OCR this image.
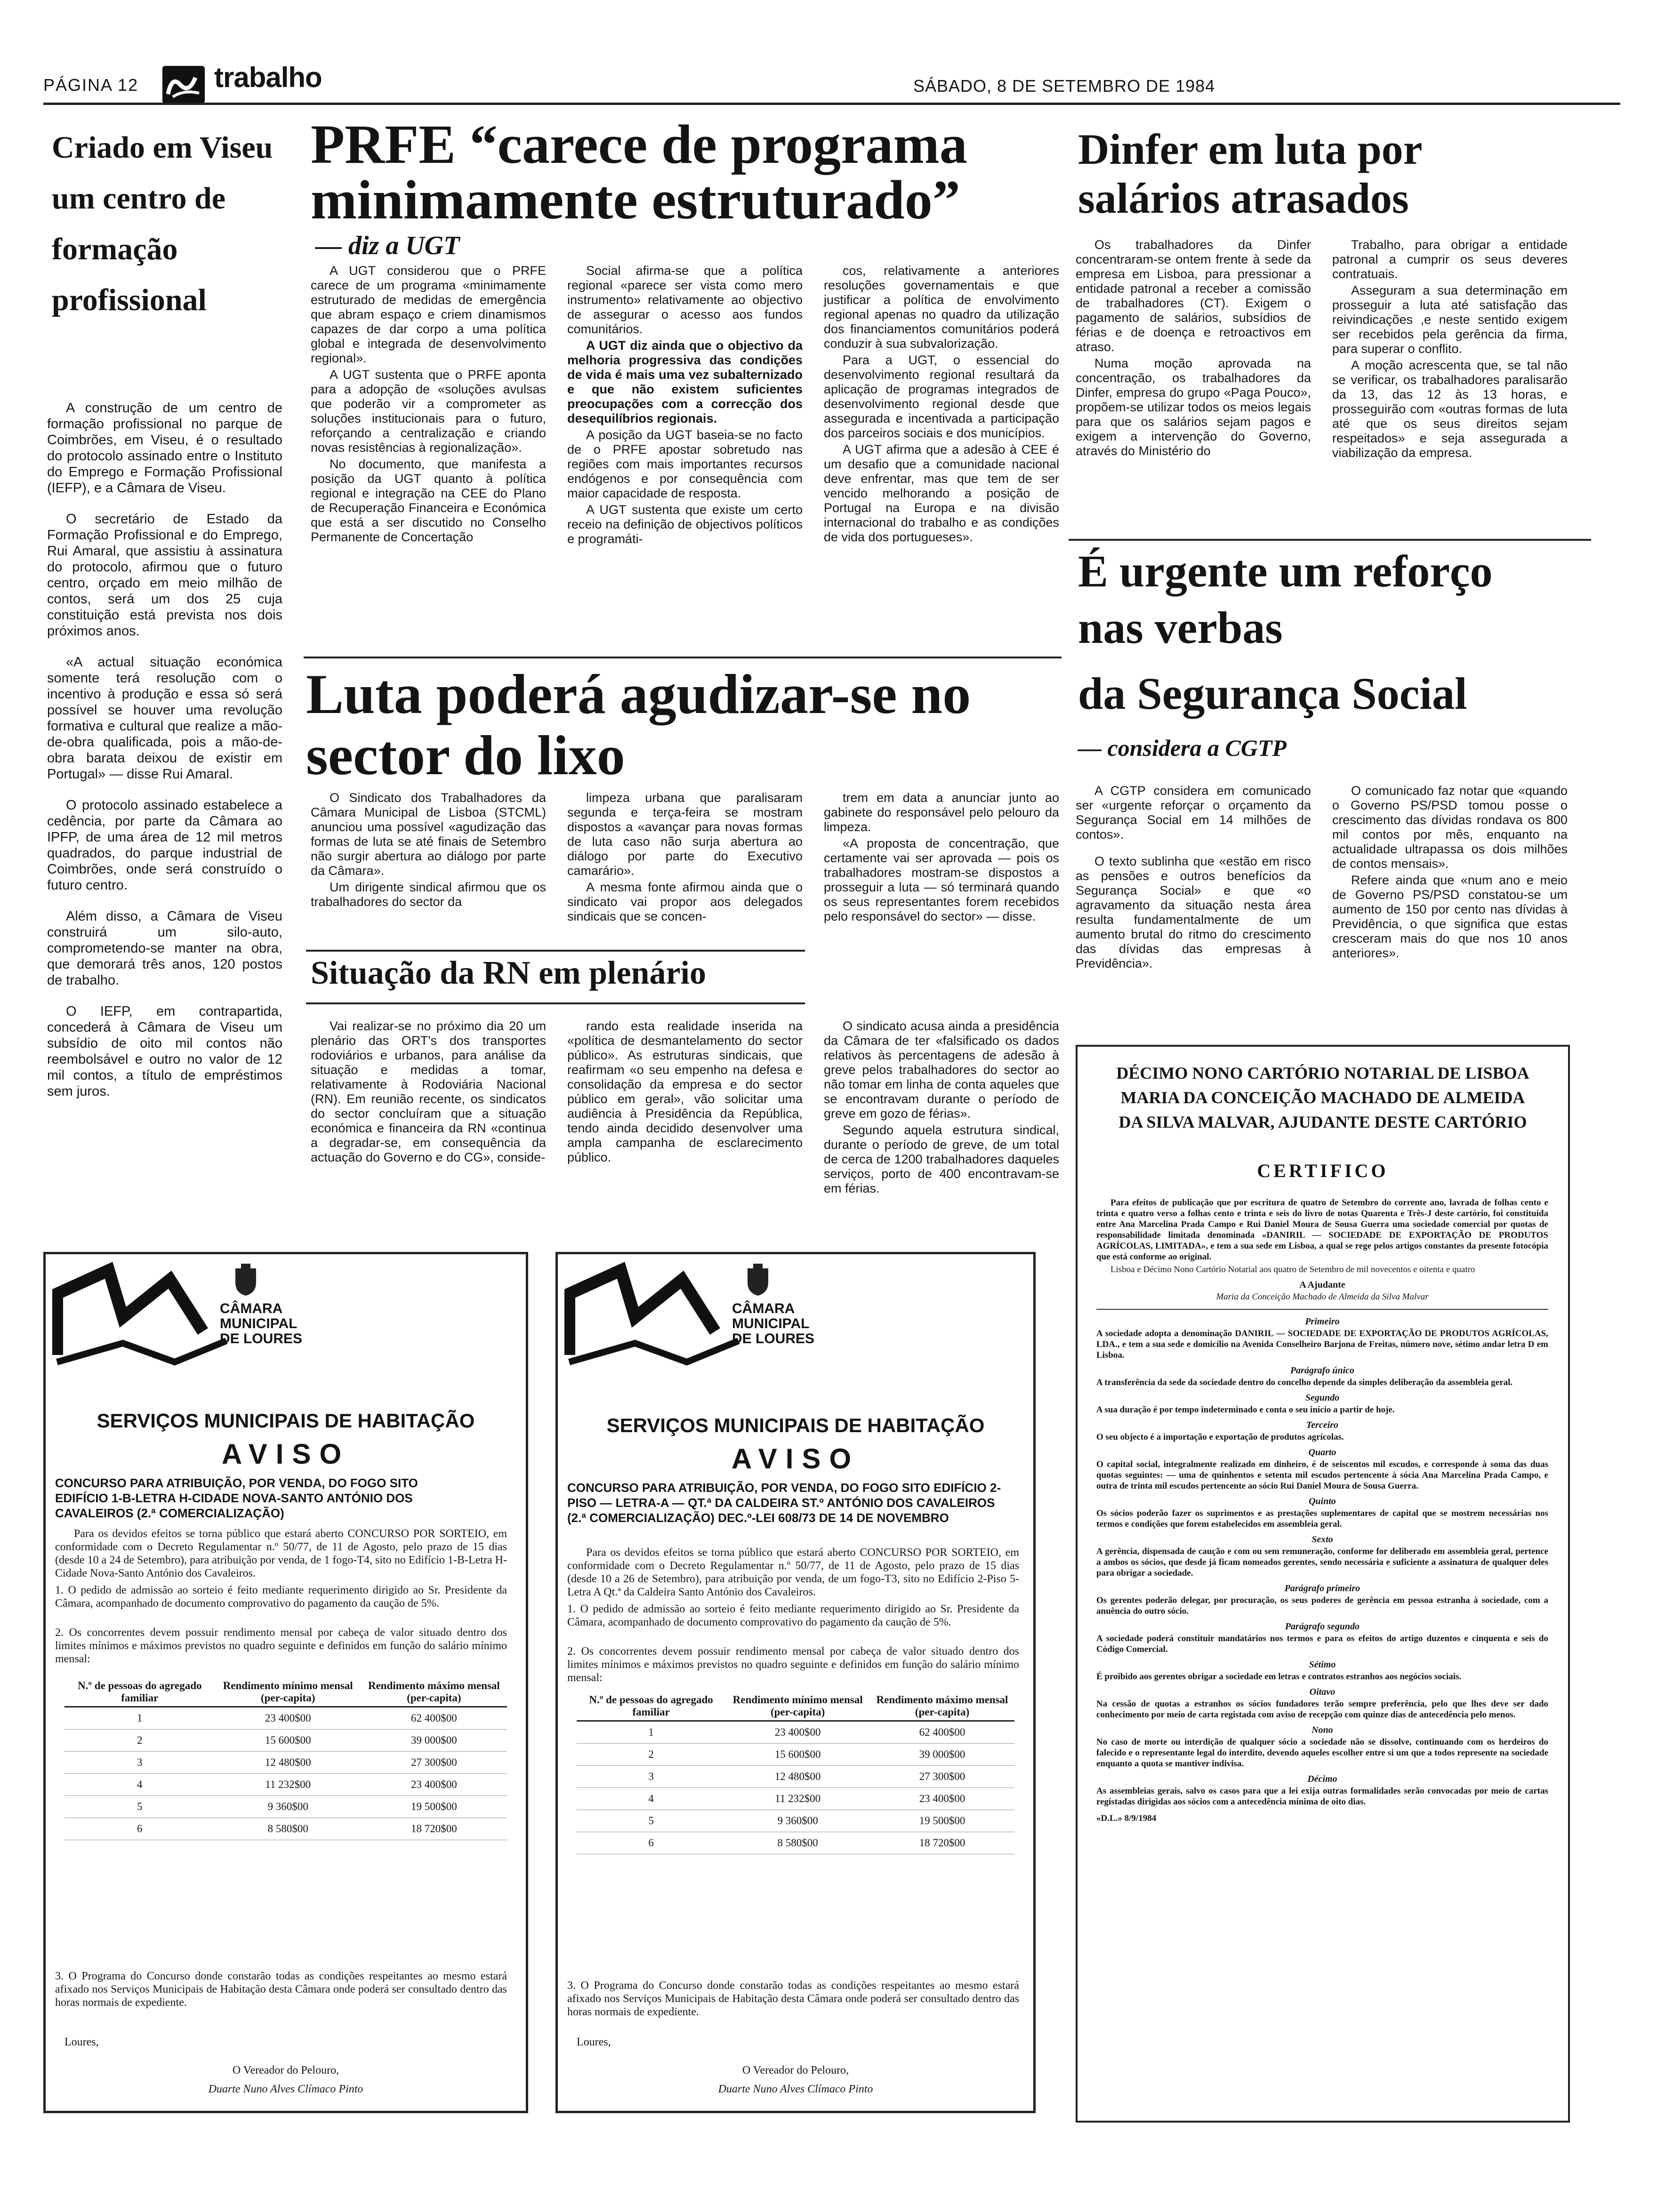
PÁGINA 12	trabalho	SÁBADO, 8 DE SETEMBRO DE 1984
Criado em Viseu um centro de formação profissional

A construção de um centro de formação profissional no parque de Coimbrões, em Viseu, é o resultado do protocolo assinado entre o Instituto do Emprego e Formação Profissional (IEFP), e a Câmara de Viseu.

O secretário de Estado da Formação Profissional e do Emprego, Rui Amaral, que assistiu à assinatura do protocolo, afirmou que o futuro centro, orçado em meio milhão de contos, será um dos 25 cuja constituição está prevista nos dois próximos anos.

«A actual situação económica somente terá resolução com o incentivo à produção e essa só será possível se houver uma revolução formativa e cultural que realize a mão-de-obra qualificada, pois a mão-de-obra barata deixou de existir em Portugal» — disse Rui Amaral.

O protocolo assinado estabelece a cedência, por parte da Câmara ao IPFP, de uma área de 12 mil metros quadrados, do parque industrial de Coimbrões, onde será construído o futuro centro.

Além disso, a Câmara de Viseu construirá um silo-auto, comprometendo-se manter na obra, que demorará três anos, 120 postos de trabalho.

O IEFP, em contrapartida, concederá à Câmara de Viseu um subsídio de oito mil contos não reembolsável e outro no valor de 12 mil contos, a título de empréstimos sem juros.

PRFE “carece de programa minimamente estruturado”
— diz a UGT

A UGT considerou que o PRFE carece de um programa «minimamente estruturado de medidas de emergência que abram espaço e criem dinamismos capazes de dar corpo a uma política global e integrada de desenvolvimento regional».

A UGT sustenta que o PRFE aponta para a adopção de «soluções avulsas que poderão vir a comprometer as soluções institucionais para o futuro, reforçando a centralização e criando novas resistências à regionalização».

No documento, que manifesta a posição da UGT quanto à política regional e integração na CEE do Plano de Recuperação Financeira e Económica que está a ser discutido no Conselho Permanente de Concertação

Social afirma-se que a política regional «parece ser vista como mero instrumento» relativamente ao objectivo de assegurar o acesso aos fundos comunitários.

A UGT diz ainda que o objectivo da melhoria progressiva das condições de vida é mais uma vez subalternizado e que não existem suficientes preocupações com a correcção dos desequilíbrios regionais.

A posição da UGT baseia-se no facto de o PRFE apostar sobretudo nas regiões com mais importantes recursos endógenos e por consequência com maior capacidade de resposta.

A UGT sustenta que existe um certo receio na definição de objectivos políticos e programáti-

cos, relativamente a anteriores resoluções governamentais e que justificar a política de envolvimento regional apenas no quadro da utilização dos financiamentos comunitários poderá conduzir à sua subvalorização.

Para a UGT, o essencial do desenvolvimento regional resultará da aplicação de programas integrados de desenvolvimento regional desde que assegurada e incentivada a participação dos parceiros sociais e dos municípios.

A UGT afirma que a adesão à CEE é um desafio que a comunidade nacional deve enfrentar, mas que tem de ser vencido melhorando a posição de Portugal na Europa e na divisão internacional do trabalho e as condições de vida dos portugueses».

Dinfer em luta por salários atrasados

Os trabalhadores da Dinfer concentraram-se ontem frente à sede da empresa em Lisboa, para pressionar a entidade patronal a receber a comissão de trabalhadores (CT). Exigem o pagamento de salários, subsídios de férias e de doença e retroactivos em atraso.

Numa moção aprovada na concentração, os trabalhadores da Dinfer, empresa do grupo «Paga Pouco», propõem-se utilizar todos os meios legais para que os salários sejam pagos e exigem a intervenção do Governo, através do Ministério do

Trabalho, para obrigar a entidade patronal a cumprir os seus deveres contratuais.

Asseguram a sua determinação em prosseguir a luta até satisfação das reivindicações ,e neste sentido exigem ser recebidos pela gerência da firma, para superar o conflito.

A moção acrescenta que, se tal não se verificar, os trabalhadores paralisarão da 13, das 12 às 13 horas, e prosseguirão com «outras formas de luta até que os seus direitos sejam respeitados» e seja assegurada a viabilização da empresa.

É urgente um reforço
nas verbas
da Segurança Social
— considera a CGTP

A CGTP considera em comunicado ser «urgente reforçar o orçamento da Segurança Social em 14 milhões de contos».

O texto sublinha que «estão em risco as pensões e outros benefícios da Segurança Social» e que «o agravamento da situação nesta área resulta fundamentalmente de um aumento brutal do ritmo do crescimento das dívidas das empresas à Previdência».

O comunicado faz notar que «quando o Governo PS/PSD tomou posse o crescimento das dívidas rondava os 800 mil contos por mês, enquanto na actualidade ultrapassa os dois milhões de contos mensais».

Refere ainda que «num ano e meio de Governo PS/PSD constatou-se um aumento de 150 por cento nas dívidas à Previdência, o que significa que estas cresceram mais do que nos 10 anos anteriores».

Luta poderá agudizar-se no sector do lixo

O Sindicato dos Trabalhadores da Câmara Municipal de Lisboa (STCML) anunciou uma possível «agudização das formas de luta se até finais de Setembro não surgir abertura ao diálogo por parte da Câmara».

Um dirigente sindical afirmou que os trabalhadores do sector da

limpeza urbana que paralisaram segunda e terça-feira se mostram dispostos a «avançar para novas formas de luta caso não surja abertura ao diálogo por parte do Executivo camarário».

A mesma fonte afirmou ainda que o sindicato vai propor aos delegados sindicais que se concen-

trem em data a anunciar junto ao gabinete do responsável pelo pelouro da limpeza.

«A proposta de concentração, que certamente vai ser aprovada — pois os trabalhadores mostram-se dispostos a prosseguir a luta — só terminará quando os seus representantes forem recebidos pelo responsável do sector» — disse.

Situação da RN em plenário

Vai realizar-se no próximo dia 20 um plenário das ORT's dos transportes rodoviários e urbanos, para análise da situação e medidas a tomar, relativamente à Rodoviária Nacional (RN). Em reunião recente, os sindicatos do sector concluíram que a situação económica e financeira da RN «continua a degradar-se, em consequência da actuação do Governo e do CG», conside-

rando esta realidade inserida na «política de desmantelamento do sector público». As estruturas sindicais, que reafirmam «o seu empenho na defesa e consolidação da empresa e do sector público em geral», vão solicitar uma audiência à Presidência da República, tendo ainda decidido desenvolver uma ampla campanha de esclarecimento público.

O sindicato acusa ainda a presidência da Câmara de ter «falsificado os dados relativos às percentagens de adesão à greve pelos trabalhadores do sector ao não tomar em linha de conta aqueles que se encontravam durante o período de greve em gozo de férias».

Segundo aquela estrutura sindical, durante o período de greve, de um total de cerca de 1200 trabalhadores daqueles serviços, porto de 400 encontravam-se em férias.

CÂMARA
MUNICIPAL
DE LOURES
SERVIÇOS MUNICIPAIS DE HABITAÇÃO
AVISO
CONCURSO PARA ATRIBUIÇÃO, POR VENDA, DO FOGO SITO EDIFÍCIO 1-B-LETRA H-CIDADE NOVA-SANTO ANTÓNIO DOS CAVALEIROS (2.ª COMERCIALIZAÇÃO)
Para os devidos efeitos se torna público que estará aberto CONCURSO POR SORTEIO, em conformidade com o Decreto Regulamentar n.º 50/77, de 11 de Agosto, pelo prazo de 15 dias (desde 10 a 24 de Setembro), para atribuição por venda, de 1 fogo-T4, sito no Edifício 1-B-Letra H-Cidade Nova-Santo António dos Cavaleiros.
1. O pedido de admissão ao sorteio é feito mediante requerimento dirigido ao Sr. Presidente da Câmara, acompanhado de documento comprovativo do pagamento da caução de 5%.
2. Os concorrentes devem possuir rendimento mensal por cabeça de valor situado dentro dos limites mínimos e máximos previstos no quadro seguinte e definidos em função do salário mínimo mensal:
N.º de pessoas do agregado familiar	Rendimento mínimo mensal (per-capita)	Rendimento máximo mensal (per-capita)
1	23 400$00	62 400$00
2	15 600$00	39 000$00
3	12 480$00	27 300$00
4	11 232$00	23 400$00
5	9 360$00	19 500$00
6	8 580$00	18 720$00
3. O Programa do Concurso donde constarão todas as condições respeitantes ao mesmo estará afixado nos Serviços Municipais de Habitação desta Câmara onde poderá ser consultado dentro das horas normais de expediente.
Loures,
O Vereador do Pelouro,
Duarte Nuno Alves Clímaco Pinto
CÂMARA
MUNICIPAL
DE LOURES
SERVIÇOS MUNICIPAIS DE HABITAÇÃO
AVISO
CONCURSO PARA ATRIBUIÇÃO, POR VENDA, DO FOGO SITO EDIFÍCIO 2-PISO — LETRA-A — QT.ª DA CALDEIRA ST.º ANTÓNIO DOS CAVALEIROS (2.ª COMERCIALIZAÇÃO) DEC.º-LEI 608/73 DE 14 DE NOVEMBRO
Para os devidos efeitos se torna público que estará aberto CONCURSO POR SORTEIO, em conformidade com o Decreto Regulamentar n.º 50/77, de 11 de Agosto, pelo prazo de 15 dias (desde 10 a 26 de Setembro), para atribuição por venda, de um fogo-T3, sito no Edifício 2-Piso 5-Letra A Qt.ª da Caldeira Santo António dos Cavaleiros.
1. O pedido de admissão ao sorteio é feito mediante requerimento dirigido ao Sr. Presidente da Câmara, acompanhado de documento comprovativo do pagamento da caução de 5%.
2. Os concorrentes devem possuir rendimento mensal por cabeça de valor situado dentro dos limites mínimos e máximos previstos no quadro seguinte e definidos em função do salário mínimo mensal:
N.º de pessoas do agregado familiar	Rendimento mínimo mensal (per-capita)	Rendimento máximo mensal (per-capita)
1	23 400$00	62 400$00
2	15 600$00	39 000$00
3	12 480$00	27 300$00
4	11 232$00	23 400$00
5	9 360$00	19 500$00
6	8 580$00	18 720$00
3. O Programa do Concurso donde constarão todas as condições respeitantes ao mesmo estará afixado nos Serviços Municipais de Habitação desta Câmara onde poderá ser consultado dentro das horas normais de expediente.
Loures,
O Vereador do Pelouro,
Duarte Nuno Alves Clímaco Pinto
DÉCIMO NONO CARTÓRIO NOTARIAL DE LISBOA
MARIA DA CONCEIÇÃO MACHADO DE ALMEIDA
DA SILVA MALVAR, AJUDANTE DESTE CARTÓRIO
CERTIFICO

Para efeitos de publicação que por escritura de quatro de Setembro do corrente ano, lavrada de folhas cento e trinta e quatro verso a folhas cento e trinta e seis do livro de notas Quarenta e Três-J deste cartório, foi constituída entre Ana Marcelina Prada Campo e Rui Daniel Moura de Sousa Guerra uma sociedade comercial por quotas de responsabilidade limitada denominada «DANIRIL — SOCIEDADE DE EXPORTAÇÃO DE PRODUTOS AGRÍCOLAS, LIMITADA», e tem a sua sede em Lisboa, a qual se rege pelos artigos constantes da presente fotocópia que está conforme ao original.

Lisboa e Décimo Nono Cartório Notarial aos quatro de Setembro de mil novecentos e oitenta e quatro

A Ajudante

Maria da Conceição Machado de Almeida da Silva Malvar

Primeiro

A sociedade adopta a denominação DANIRIL — SOCIEDADE DE EXPORTAÇÃO DE PRODUTOS AGRÍCOLAS, LDA., e tem a sua sede e domicílio na Avenida Conselheiro Barjona de Freitas, número nove, sétimo andar letra D em Lisboa.

Parágrafo único

A transferência da sede da sociedade dentro do concelho depende da simples deliberação da assembleia geral.

Segundo

A sua duração é por tempo indeterminado e conta o seu início a partir de hoje.

Terceiro

O seu objecto é a importação e exportação de produtos agrícolas.

Quarto

O capital social, integralmente realizado em dinheiro, é de seiscentos mil escudos, e corresponde à soma das duas quotas seguintes: — uma de quinhentos e setenta mil escudos pertencente à sócia Ana Marcelina Prada Campo, e outra de trinta mil escudos pertencente ao sócio Rui Daniel Moura de Sousa Guerra.

Quinto

Os sócios poderão fazer os suprimentos e as prestações suplementares de capital que se mostrem necessárias nos termos e condições que forem estabelecidos em assembleia geral.

Sexto

A gerência, dispensada de caução e com ou sem remuneração, conforme for deliberado em assembleia geral, pertence a ambos os sócios, que desde já ficam nomeados gerentes, sendo necessária e suficiente a assinatura de qualquer deles para obrigar a sociedade.

Parágrafo primeiro

Os gerentes poderão delegar, por procuração, os seus poderes de gerência em pessoa estranha à sociedade, com a anuência do outro sócio.

Parágrafo segundo

A sociedade poderá constituir mandatários nos termos e para os efeitos do artigo duzentos e cinquenta e seis do Código Comercial.

Sétimo

É proibido aos gerentes obrigar a sociedade em letras e contratos estranhos aos negócios sociais.

Oitavo

Na cessão de quotas a estranhos os sócios fundadores terão sempre preferência, pelo que lhes deve ser dado conhecimento por meio de carta registada com aviso de recepção com quinze dias de antecedência pelo menos.

Nono

No caso de morte ou interdição de qualquer sócio a sociedade não se dissolve, continuando com os herdeiros do falecido e o representante legal do interdito, devendo aqueles escolher entre si um que a todos represente na sociedade enquanto a quota se mantiver indivisa.

Décimo

As assembleias gerais, salvo os casos para que a lei exija outras formalidades serão convocadas por meio de cartas registadas dirigidas aos sócios com a antecedência mínima de oito dias.

«D.L.» 8/9/1984
